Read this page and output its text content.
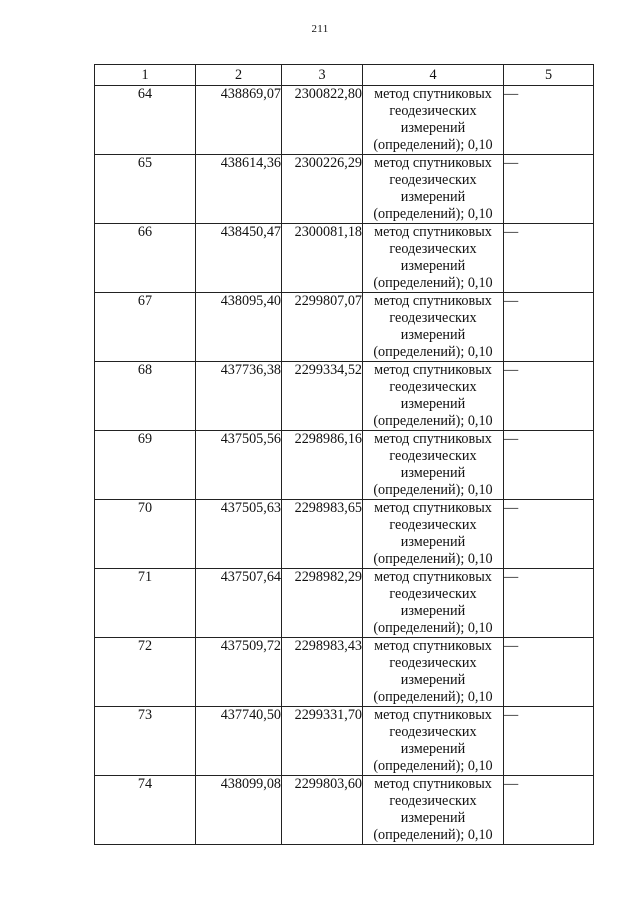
211
1	2	3	4	5
64	438869,07	2300822,80	метод спутниковых
геодезических
измерений
(определений); 0,10	—
65	438614,36	2300226,29	метод спутниковых
геодезических
измерений
(определений); 0,10	—
66	438450,47	2300081,18	метод спутниковых
геодезических
измерений
(определений); 0,10	—
67	438095,40	2299807,07	метод спутниковых
геодезических
измерений
(определений); 0,10	—
68	437736,38	2299334,52	метод спутниковых
геодезических
измерений
(определений); 0,10	—
69	437505,56	2298986,16	метод спутниковых
геодезических
измерений
(определений); 0,10	—
70	437505,63	2298983,65	метод спутниковых
геодезических
измерений
(определений); 0,10	—
71	437507,64	2298982,29	метод спутниковых
геодезических
измерений
(определений); 0,10	—
72	437509,72	2298983,43	метод спутниковых
геодезических
измерений
(определений); 0,10	—
73	437740,50	2299331,70	метод спутниковых
геодезических
измерений
(определений); 0,10	—
74	438099,08	2299803,60	метод спутниковых
геодезических
измерений
(определений); 0,10	—
